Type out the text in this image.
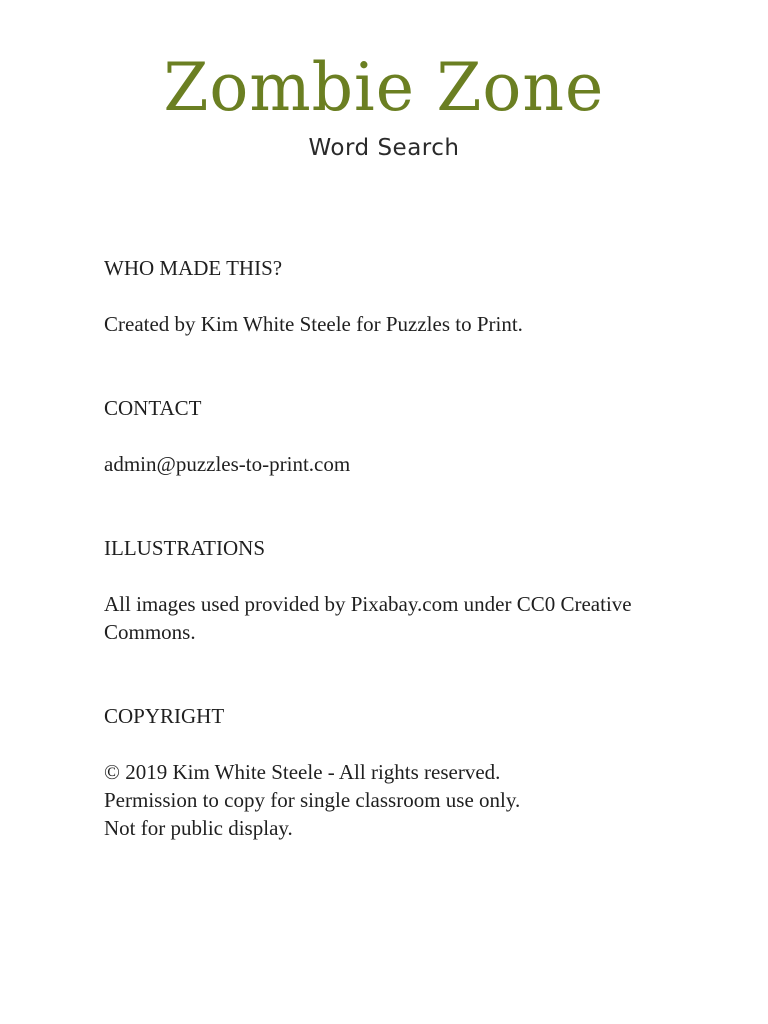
Zombie Zone
Word Search

WHO MADE THIS?

Created by Kim White Steele for Puzzles to Print.

CONTACT

admin@puzzles-to-print.com

ILLUSTRATIONS

All images used provided by Pixabay.com under CC0 Creative
Commons.

COPYRIGHT

© 2019 Kim White Steele - All rights reserved.
Permission to copy for single classroom use only.
Not for public display.
